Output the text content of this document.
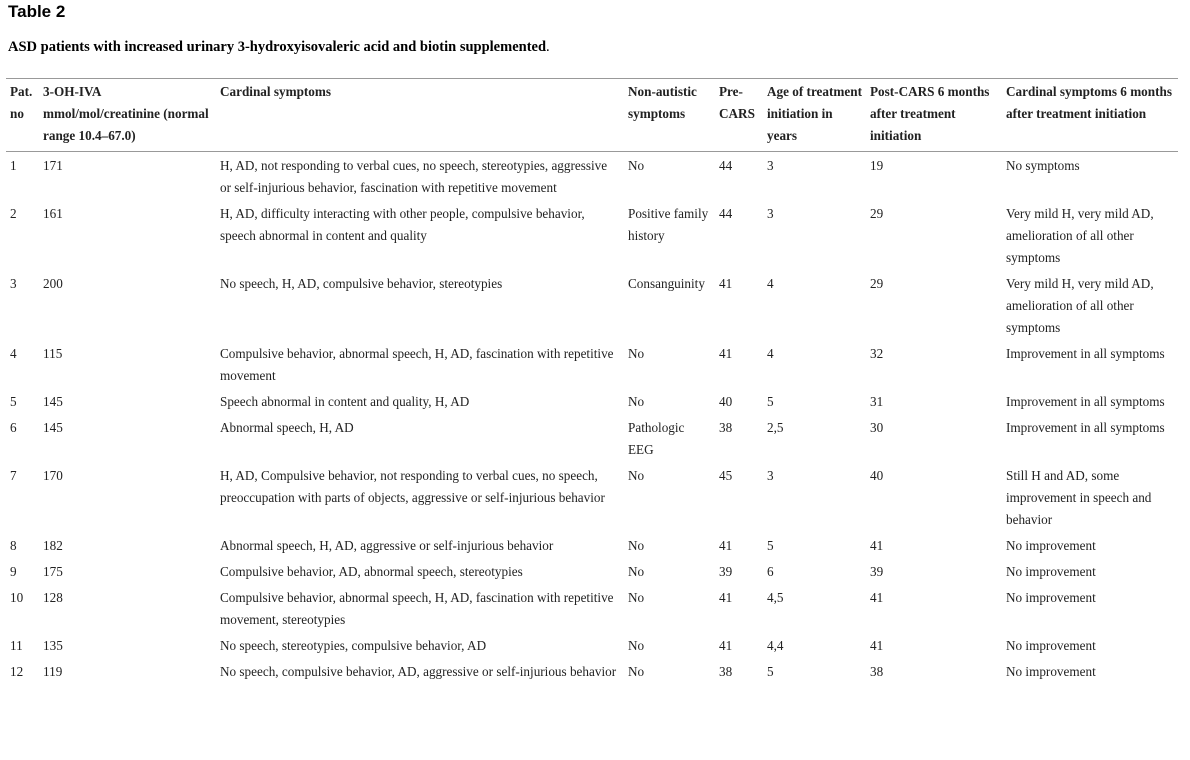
Table 2
ASD patients with increased urinary 3-hydroxyisovaleric acid and biotin supplemented.
Pat. no	3-OH-IVA mmol/mol/creatinine (normal range 10.4–67.0)	Cardinal symptoms	Non-autistic symptoms	Pre-CARS	Age of treatment initiation in years	Post-CARS 6 months after treatment initiation	Cardinal symptoms 6 months after treatment initiation
1	171	H, AD, not responding to verbal cues, no speech, stereotypies, aggressive or self-injurious behavior, fascination with repetitive movement	No	44	3	19	No symptoms
2	161	H, AD, difficulty interacting with other people, compulsive behavior, speech abnormal in content and quality	Positive family history	44	3	29	Very mild H, very mild AD, amelioration of all other symptoms
3	200	No speech, H, AD, compulsive behavior, stereotypies	Consanguinity	41	4	29	Very mild H, very mild AD, amelioration of all other symptoms
4	115	Compulsive behavior, abnormal speech, H, AD, fascination with repetitive movement	No	41	4	32	Improvement in all symptoms
5	145	Speech abnormal in content and quality, H, AD	No	40	5	31	Improvement in all symptoms
6	145	Abnormal speech, H, AD	Pathologic EEG	38	2,5	30	Improvement in all symptoms
7	170	H, AD, Compulsive behavior, not responding to verbal cues, no speech, preoccupation with parts of objects, aggressive or self-injurious behavior	No	45	3	40	Still H and AD, some improvement in speech and behavior
8	182	Abnormal speech, H, AD, aggressive or self-injurious behavior	No	41	5	41	No improvement
9	175	Compulsive behavior, AD, abnormal speech, stereotypies	No	39	6	39	No improvement
10	128	Compulsive behavior, abnormal speech, H, AD, fascination with repetitive movement, stereotypies	No	41	4,5	41	No improvement
11	135	No speech, stereotypies, compulsive behavior, AD	No	41	4,4	41	No improvement
12	119	No speech, compulsive behavior, AD, aggressive or self-injurious behavior	No	38	5	38	No improvement
